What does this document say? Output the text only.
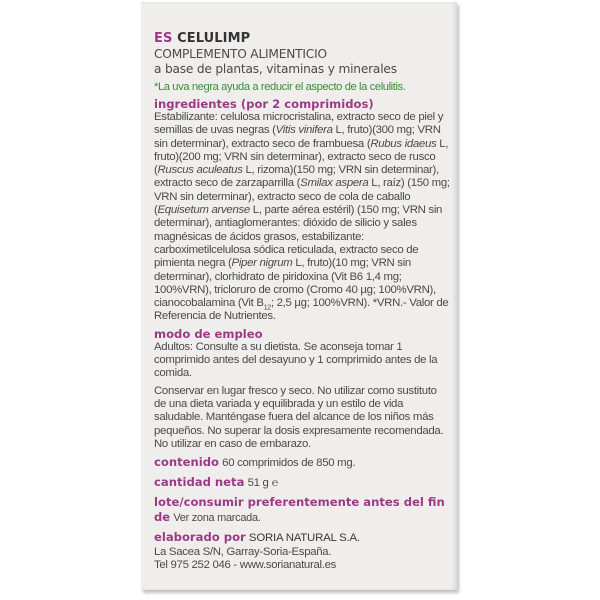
ES CELULIMP
COMPLEMENTO ALIMENTICIO
a base de plantas, vitaminas y minerales
*La uva negra ayuda a reducir el aspecto de la celulitis.
ingredientes (por 2 comprimidos)
Estabilizante: celulosa microcristalina, extracto seco de piel y semillas de uvas negras (Vitis vinifera L, fruto)(300 mg; VRN sin determinar), extracto seco de frambuesa (Rubus idaeus L, fruto)(200 mg; VRN sin determinar), extracto seco de rusco (Ruscus aculeatus L, rizoma)(150 mg; VRN sin determinar), extracto seco de zarzaparrilla (Smilax aspera L, raíz) (150 mg; VRN sin determinar), extracto seco de cola de caballo (Equisetum arvense L, parte aérea estéril) (150 mg; VRN sin determinar), antiaglomerantes: dióxido de silicio y sales magnésicas de ácidos grasos, estabilizante: carboximetilcelulosa sódica reticulada, extracto seco de pimienta negra (Piper nigrum L, fruto)(10 mg; VRN sin determinar), clorhidrato de piridoxina (Vit B6 1,4 mg; 100%VRN), tricloruro de cromo (Cromo 40 µg; 100%VRN), cianocobalamina (Vit $B_{12}$; 2,5 µg; 100%VRN). *VRN.- Valor de Referencia de Nutrientes.
modo de empleo
Adultos: Consulte a su dietista. Se aconseja tomar 1 comprimido antes del desayuno y 1 comprimido antes de la comida.
Conservar en lugar fresco y seco. No utilizar como sustituto de una dieta variada y equilibrada y un estilo de vida saludable. Manténgase fuera del alcance de los niños más pequeños. No superar la dosis expresamente recomendada. No utilizar en caso de embarazo.
contenido 60 comprimidos de 850 mg.
cantidad neta 51 g ℮
lote/consumir preferentemente antes del fin de Ver zona marcada.
elaborado por SORIA NATURAL S.A.
La Sacea S/N, Garray-Soria-España.
Tel 975 252 046 - www.sorianatural.es
